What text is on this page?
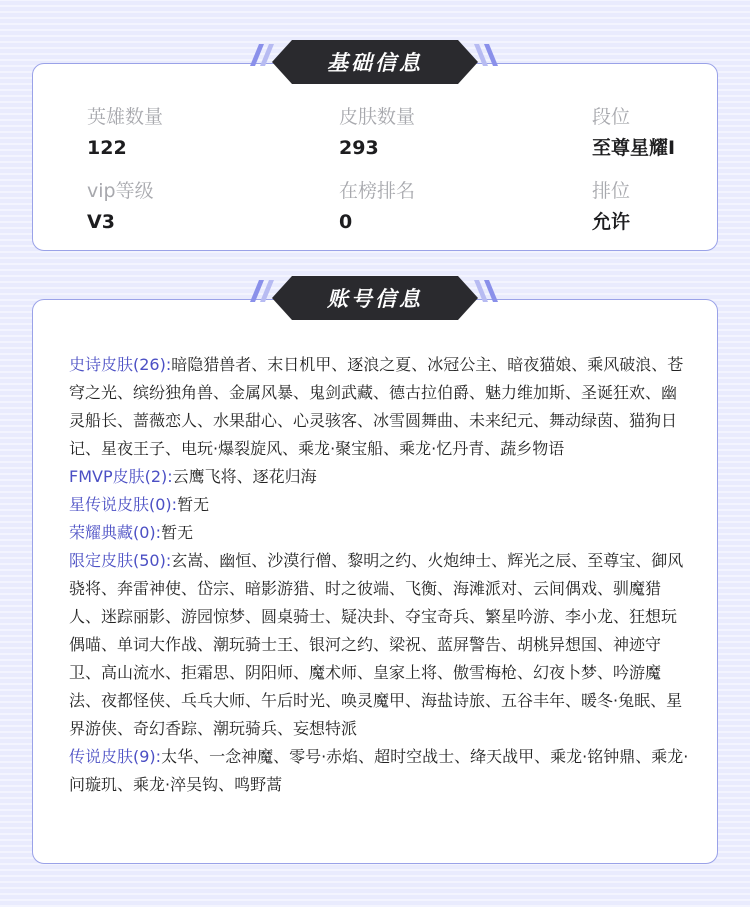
英雄数量
122
皮肤数量
293
段位
至尊星耀I
vip等级
V3
在榜排名
0
排位
允许
基础信息
史诗皮肤(26):暗隐猎兽者、末日机甲、逐浪之夏、冰冠公主、暗夜猫娘、乘风破浪、苍穹之光、缤纷独角兽、金属风暴、鬼剑武藏、德古拉伯爵、魅力维加斯、圣诞狂欢、幽灵船长、蔷薇恋人、水果甜心、心灵骇客、冰雪圆舞曲、未来纪元、舞动绿茵、猫狗日记、星夜王子、电玩·爆裂旋风、乘龙·聚宝船、乘龙·忆丹青、蔬乡物语
FMVP皮肤(2):云鹰飞将、逐花归海
星传说皮肤(0):暂无
荣耀典藏(0):暂无
限定皮肤(50):玄嵩、幽恒、沙漠行僧、黎明之约、火炮绅士、辉光之辰、至尊宝、御风骁将、奔雷神使、岱宗、暗影游猎、时之彼端、飞衡、海滩派对、云间偶戏、驯魔猎人、迷踪丽影、游园惊梦、圆桌骑士、疑决卦、夺宝奇兵、繁星吟游、李小龙、狂想玩偶喵、单词大作战、潮玩骑士王、银河之约、梁祝、蓝屏警告、胡桃异想国、神迹守卫、高山流水、拒霜思、阴阳师、魔术师、皇家上将、傲雪梅枪、幻夜卜梦、吟游魔法、夜都怪侠、乓乓大师、午后时光、唤灵魔甲、海盐诗旅、五谷丰年、暖冬·兔眠、星界游侠、奇幻香踪、潮玩骑兵、妄想特派
传说皮肤(9):太华、一念神魔、零号·赤焰、超时空战士、绛天战甲、乘龙·铭钟鼎、乘龙·问璇玑、乘龙·淬吴钩、鸣野蒿
账号信息
